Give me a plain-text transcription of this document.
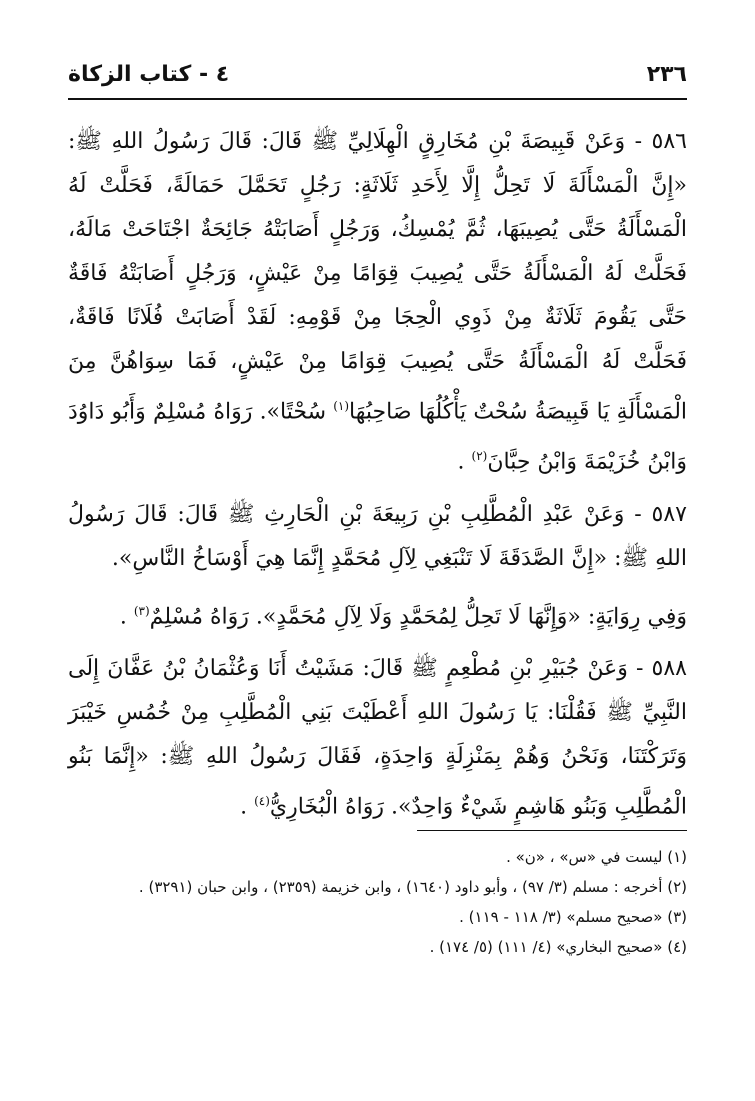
٢٣٦
٤ - كتاب الزكاة

٥٨٦ - وَعَنْ قَبِيصَةَ بْنِ مُخَارِقٍ الْهِلَالِيِّ ﷺ قَالَ: قَالَ رَسُولُ اللهِ ﷺ: «إِنَّ الْمَسْأَلَةَ لَا تَحِلُّ إِلَّا لِأَحَدِ ثَلَاثَةٍ: رَجُلٍ تَحَمَّلَ حَمَالَةً، فَحَلَّتْ لَهُ الْمَسْأَلَةُ حَتَّى يُصِيبَهَا، ثُمَّ يُمْسِكُ، وَرَجُلٍ أَصَابَتْهُ جَائِحَةٌ اجْتَاحَتْ مَالَهُ، فَحَلَّتْ لَهُ الْمَسْأَلَةُ حَتَّى يُصِيبَ قِوَامًا مِنْ عَيْشٍ، وَرَجُلٍ أَصَابَتْهُ فَاقَةٌ حَتَّى يَقُومَ ثَلَاثَةٌ مِنْ ذَوِي الْحِجَا مِنْ قَوْمِهِ: لَقَدْ أَصَابَتْ فُلَانًا فَاقَةٌ، فَحَلَّتْ لَهُ الْمَسْأَلَةُ حَتَّى يُصِيبَ قِوَامًا مِنْ عَيْشٍ، فَمَا سِوَاهُنَّ مِنَ الْمَسْأَلَةِ يَا قَبِيصَةُ سُحْتٌ يَأْكُلُهَا صَاحِبُهَا$^{(١)}$ سُحْتًا». رَوَاهُ مُسْلِمٌ وَأَبُو دَاوُدَ وَابْنُ خُزَيْمَةَ وَابْنُ حِبَّانَ$^{(٢)}$ .

٥٨٧ - وَعَنْ عَبْدِ الْمُطَّلِبِ بْنِ رَبِيعَةَ بْنِ الْحَارِثِ ﷺ قَالَ: قَالَ رَسُولُ اللهِ ﷺ: «إِنَّ الصَّدَقَةَ لَا تَنْبَغِي لِآلِ مُحَمَّدٍ إِنَّمَا هِيَ أَوْسَاخُ النَّاسِ».

وَفِي رِوَايَةٍ: «وَإِنَّهَا لَا تَحِلُّ لِمُحَمَّدٍ وَلَا لِآلِ مُحَمَّدٍ». رَوَاهُ مُسْلِمٌ$^{(٣)}$ .

٥٨٨ - وَعَنْ جُبَيْرِ بْنِ مُطْعِمٍ ﷺ قَالَ: مَشَيْتُ أَنَا وَعُثْمَانُ بْنُ عَفَّانَ إِلَى النَّبِيِّ ﷺ فَقُلْنَا: يَا رَسُولَ اللهِ أَعْطَيْتَ بَنِي الْمُطَّلِبِ مِنْ خُمُسِ خَيْبَرَ وَتَرَكْتَنَا، وَنَحْنُ وَهُمْ بِمَنْزِلَةٍ وَاحِدَةٍ، فَقَالَ رَسُولُ اللهِ ﷺ: «إِنَّمَا بَنُو الْمُطَّلِبِ وَبَنُو هَاشِمٍ شَيْءٌ وَاحِدٌ». رَوَاهُ الْبُخَارِيُّ$^{(٤)}$ .

(١) ليست في «س» ، «ن» .

(٢) أخرجه : مسلم (٣/ ٩٧) ، وأبو داود (١٦٤٠) ، وابن خزيمة (٢٣٥٩) ، وابن حبان (٣٢٩١) .

(٣) «صحيح مسلم» (٣/ ١١٨ - ١١٩) .

(٤) «صحيح البخاري» (٤/ ١١١) (٥/ ١٧٤) .
